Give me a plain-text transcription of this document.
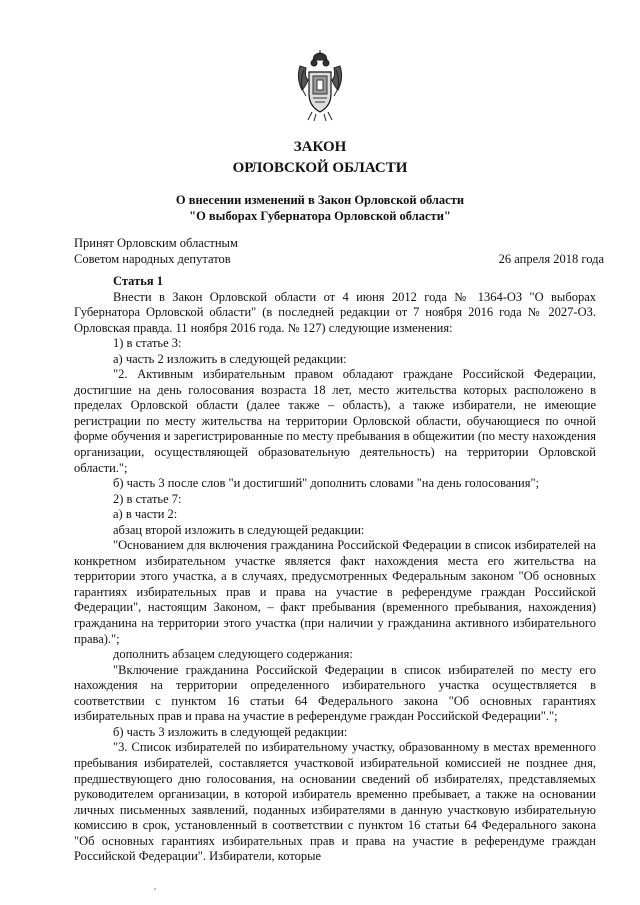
ЗАКОН
ОРЛОВСКОЙ ОБЛАСТИ
О внесении изменений в Закон Орловской области
"О выборах Губернатора Орловской области"
Принят Орловским областным
Советом народных депутатов	26 апреля 2018 года

Статья 1

Внести в Закон Орловской области от 4 июня 2012 года № 1364-ОЗ "О выборах Губернатора Орловской области" (в последней редакции от 7 ноября 2016 года № 2027-ОЗ. Орловская правда. 11 ноября 2016 года. № 127) следующие изменения:

1) в статье 3:

а) часть 2 изложить в следующей редакции:

"2. Активным избирательным правом обладают граждане Российской Федерации, достигшие на день голосования возраста 18 лет, место жительства которых расположено в пределах Орловской области (далее также – область), а также избиратели, не имеющие регистрации по месту жительства на территории Орловской области, обучающиеся по очной форме обучения и зарегистрированные по месту пребывания в общежитии (по месту нахождения организации, осуществляющей образовательную деятельность) на территории Орловской области.";

б) часть 3 после слов "и достигший" дополнить словами "на день голосования";

2) в статье 7:

а) в части 2:

абзац второй изложить в следующей редакции:

"Основанием для включения гражданина Российской Федерации в список избирателей на конкретном избирательном участке является факт нахождения места его жительства на территории этого участка, а в случаях, предусмотренных Федеральным законом "Об основных гарантиях избирательных прав и права на участие в референдуме граждан Российской Федерации", настоящим Законом, – факт пребывания (временного пребывания, нахождения) гражданина на территории этого участка (при наличии у гражданина активного избирательного права).";

дополнить абзацем следующего содержания:

"Включение гражданина Российской Федерации в список избирателей по месту его нахождения на территории определенного избирательного участка осуществляется в соответствии с пунктом 16 статьи 64 Федерального закона "Об основных гарантиях избирательных прав и права на участие в референдуме граждан Российской Федерации".";

б) часть 3 изложить в следующей редакции:

"3. Список избирателей по избирательному участку, образованному в местах временного пребывания избирателей, составляется участковой избирательной комиссией не позднее дня, предшествующего дню голосования, на основании сведений об избирателях, представляемых руководителем организации, в которой избиратель временно пребывает, а также на основании личных письменных заявлений, поданных избирателями в данную участковую избирательную комиссию в срок, установленный в соответствии с пунктом 16 статьи 64 Федерального закона "Об основных гарантиях избирательных прав и права на участие в референдуме граждан Российской Федерации". Избиратели, которые
